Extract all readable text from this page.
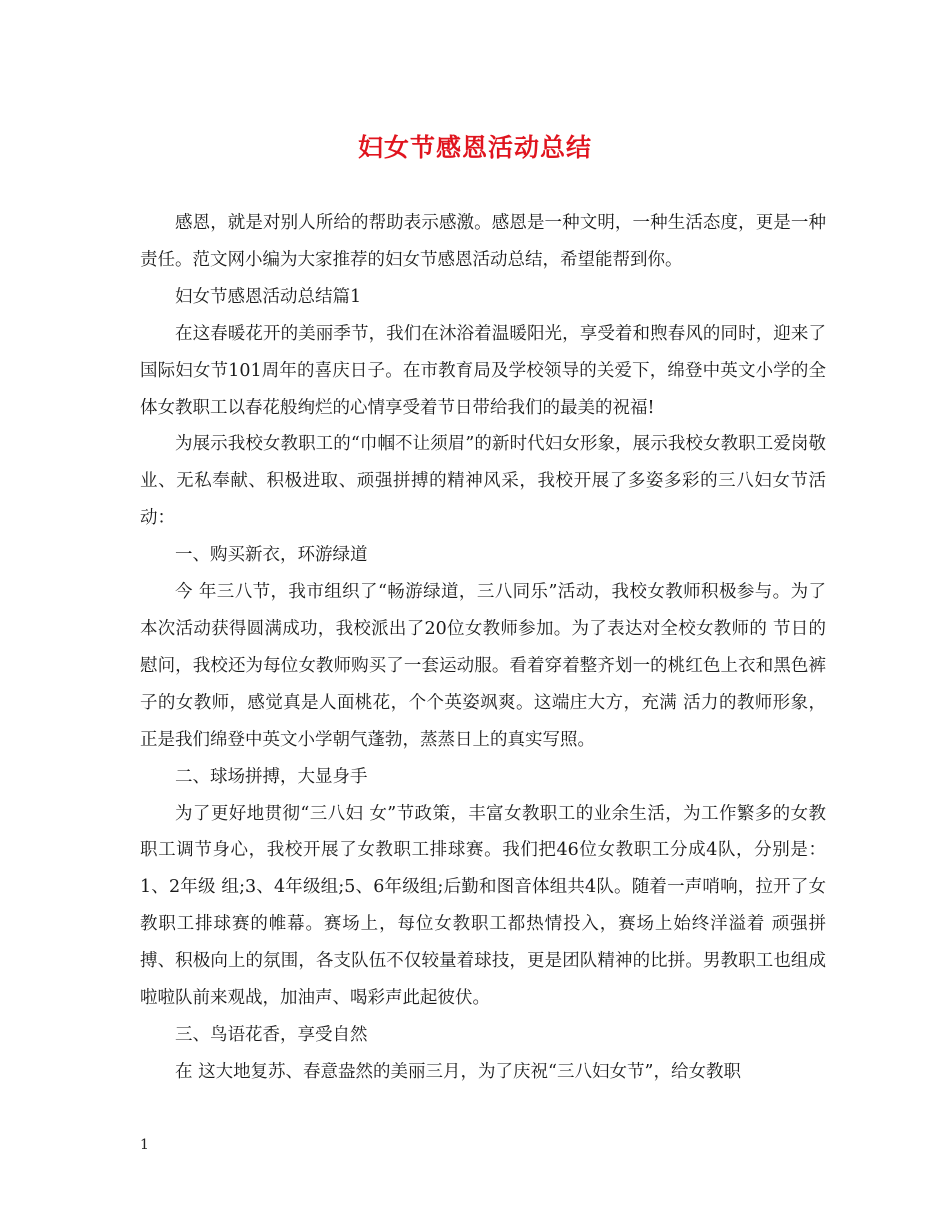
妇女节感恩活动总结

感恩，就是对别人所给的帮助表示感激。感恩是一种文明，一种生活态度，更是一种责任。范文网小编为大家推荐的妇女节感恩活动总结，希望能帮到你。

妇女节感恩活动总结篇1

在这春暖花开的美丽季节，我们在沐浴着温暖阳光，享受着和煦春风的同时，迎来了国际妇女节101周年的喜庆日子。在市教育局及学校领导的关爱下，绵登中英文小学的全体女教职工以春花般绚烂的心情享受着节日带给我们的最美的祝福!

为展示我校女教职工的“巾帼不让须眉”的新时代妇女形象，展示我校女教职工爱岗敬业、无私奉献、积极进取、顽强拼搏的精神风采，我校开展了多姿多彩的三八妇女节活动：

一、购买新衣，环游绿道

今 年三八节，我市组织了“畅游绿道，三八同乐”活动，我校女教师积极参与。为了本次活动获得圆满成功，我校派出了20位女教师参加。为了表达对全校女教师的 节日的慰问，我校还为每位女教师购买了一套运动服。看着穿着整齐划一的桃红色上衣和黑色裤子的女教师，感觉真是人面桃花，个个英姿飒爽。这端庄大方，充满 活力的教师形象，正是我们绵登中英文小学朝气蓬勃，蒸蒸日上的真实写照。

二、球场拼搏，大显身手

为了更好地贯彻“三八妇 女”节政策，丰富女教职工的业余生活，为工作繁多的女教职工调节身心，我校开展了女教职工排球赛。我们把46位女教职工分成4队，分别是：1、2年级 组;3、4年级组;5、6年级组;后勤和图音体组共4队。随着一声哨响，拉开了女教职工排球赛的帷幕。赛场上，每位女教职工都热情投入，赛场上始终洋溢着 顽强拼搏、积极向上的氛围，各支队伍不仅较量着球技，更是团队精神的比拼。男教职工也组成啦啦队前来观战，加油声、喝彩声此起彼伏。

三、鸟语花香，享受自然

在 这大地复苏、春意盎然的美丽三月，为了庆祝“三八妇女节”，给女教职

1
